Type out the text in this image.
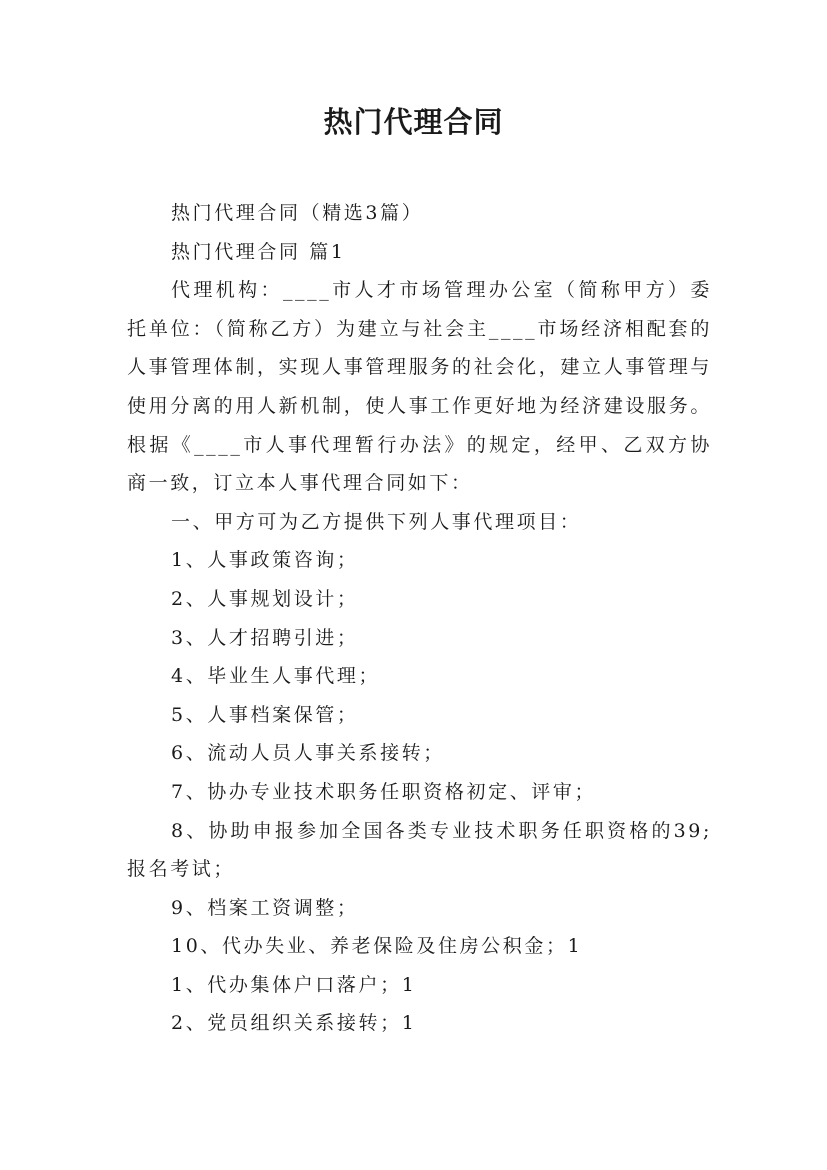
热门代理合同

热门代理合同（精选3篇）

热门代理合同 篇1

代理机构：____市人才市场管理办公室（简称甲方）委托单位：（简称乙方）为建立与社会主____市场经济相配套的人事管理体制，实现人事管理服务的社会化，建立人事管理与使用分离的用人新机制，使人事工作更好地为经济建设服务。根据《____市人事代理暂行办法》的规定，经甲、乙双方协商一致，订立本人事代理合同如下：

一、甲方可为乙方提供下列人事代理项目：

1、人事政策咨询；

2、人事规划设计；

3、人才招聘引进；

4、毕业生人事代理；

5、人事档案保管；

6、流动人员人事关系接转；

7、协办专业技术职务任职资格初定、评审；

8、协助申报参加全国各类专业技术职务任职资格的39;报名考试；

9、档案工资调整；

10、代办失业、养老保险及住房公积金；1

1、代办集体户口落户；1

2、党员组织关系接转；1
